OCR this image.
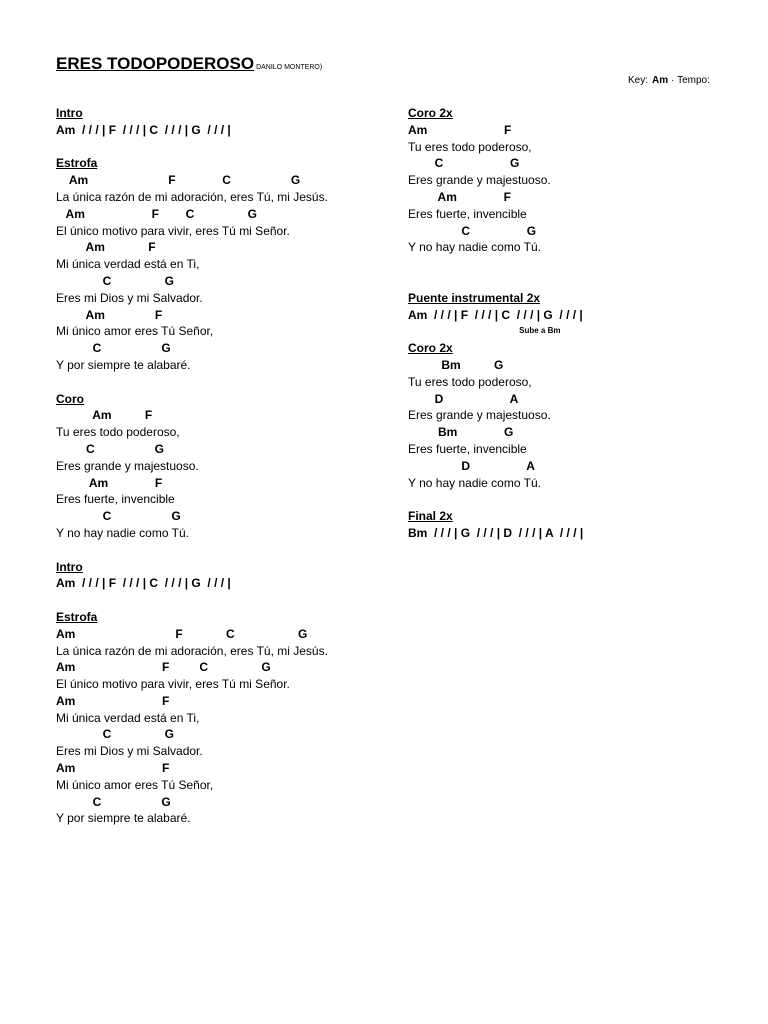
ERES TODOPODEROSO DANILO MONTERO)
Key: Am · Tempo:
Intro
Am  / / / | F  / / / | C  / / / | G  / / / |
Estrofa
Am                        F              C                  G
La única razón de mi adoración, eres Tú, mi Jesús.
Am                    F        C                G
El único motivo para vivir, eres Tú mi Señor.
Am             F
Mi única verdad está en Ti,
C                G
Eres mi Dios y mi Salvador.
Am               F
Mi único amor eres Tú Señor,
C                  G
Y por siempre te alabaré.
Coro
Am          F
Tu eres todo poderoso,
C                  G
Eres grande y majestuoso.
Am              F
Eres fuerte, invencible
C                  G
Y no hay nadie como Tú.
Intro
Am  / / / | F  / / / | C  / / / | G  / / / |
Estrofa
Am                              F             C                   G
La única razón de mi adoración, eres Tú, mi Jesús.
Am                          F         C                G
El único motivo para vivir, eres Tú mi Señor.
Am                          F
Mi única verdad está en Ti,
C                G
Eres mi Dios y mi Salvador.
Am                          F
Mi único amor eres Tú Señor,
C                  G
Y por siempre te alabaré.
Coro 2x
Am                       F
Tu eres todo poderoso,
C                    G
Eres grande y majestuoso.
Am              F
Eres fuerte, invencible
C                 G
Y no hay nadie como Tú.
Puente instrumental 2x
Am  / / / | F  / / / | C  / / / | G  / / / |
Sube a Bm
Coro 2x
Bm          G
Tu eres todo poderoso,
D                    A
Eres grande y majestuoso.
Bm              G
Eres fuerte, invencible
D                 A
Y no hay nadie como Tú.
Final 2x
Bm  / / / | G  / / / | D  / / / | A  / / / |
